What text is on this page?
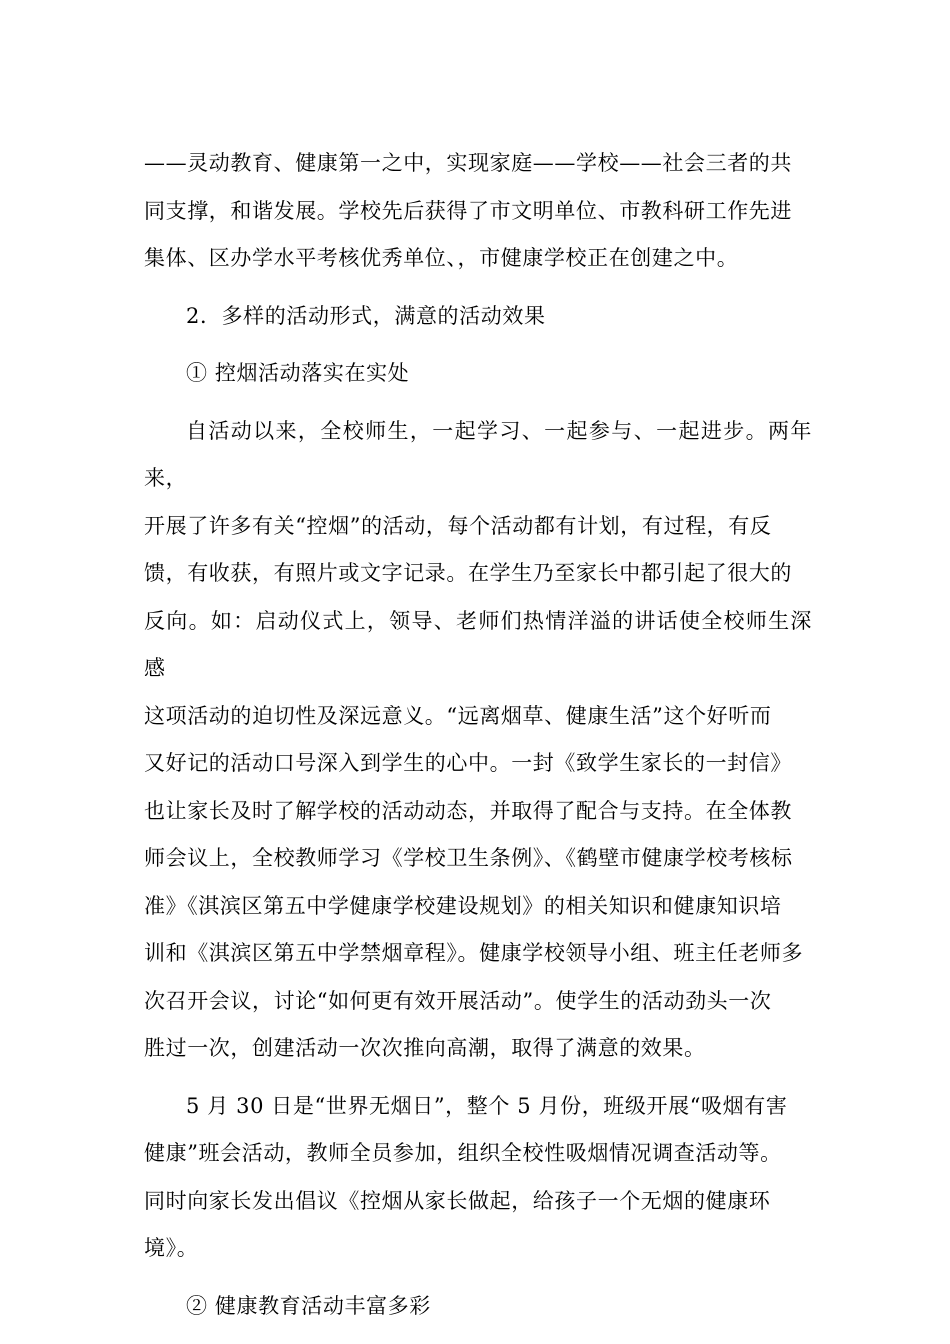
——灵动教育、健康第一之中，实现家庭——学校——社会三者的共
同支撑，和谐发展。学校先后获得了市文明单位、市教科研工作先进
集体、区办学水平考核优秀单位、，市健康学校正在创建之中。
2．多样的活动形式，满意的活动效果
① 控烟活动落实在实处
自活动以来，全校师生，一起学习、一起参与、一起进步。两年来，
开展了许多有关“控烟”的活动，每个活动都有计划，有过程，有反
馈，有收获，有照片或文字记录。在学生乃至家长中都引起了很大的
反向。如：启动仪式上，领导、老师们热情洋溢的讲话使全校师生深感
这项活动的迫切性及深远意义。“远离烟草、健康生活”这个好听而
又好记的活动口号深入到学生的心中。一封《致学生家长的一封信》
也让家长及时了解学校的活动动态，并取得了配合与支持。在全体教
师会议上，全校教师学习《学校卫生条例》、《鹤壁市健康学校考核标
准》《淇滨区第五中学健康学校建设规划》的相关知识和健康知识培
训和《淇滨区第五中学禁烟章程》。健康学校领导小组、班主任老师多
次召开会议，讨论“如何更有效开展活动”。使学生的活动劲头一次
胜过一次，创建活动一次次推向高潮，取得了满意的效果。
5 月 30 日是“世界无烟日”，整个 5 月份，班级开展“吸烟有害
健康”班会活动，教师全员参加，组织全校性吸烟情况调查活动等。
同时向家长发出倡议《控烟从家长做起，给孩子一个无烟的健康环
境》。
② 健康教育活动丰富多彩
